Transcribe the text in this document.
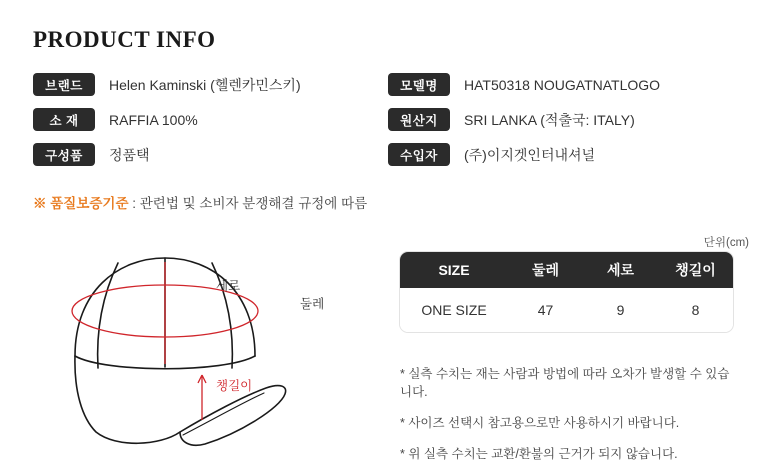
PRODUCT INFO
브랜드	Helen Kaminski (헬렌카민스키)	모델명	HAT50318 NOUGATNATLOGO
소 재	RAFFIA 100%	원산지	SRI LANKA (적출국: ITALY)
구성품	정품택	수입자	(주)이지겟인터내셔널
※ 품질보증기준 : 관련법 및 소비자 분쟁해결 규정에 따름
단위(cm)
세로
둘레
챙길이
SIZE	둘레	세로	챙길이
ONE SIZE	47	9	8
* 실측 수치는 재는 사람과 방법에 따라 오차가 발생할 수 있습니다.
* 사이즈 선택시 참고용으로만 사용하시기 바랍니다.
* 위 실측 수치는 교환/환불의 근거가 되지 않습니다.
